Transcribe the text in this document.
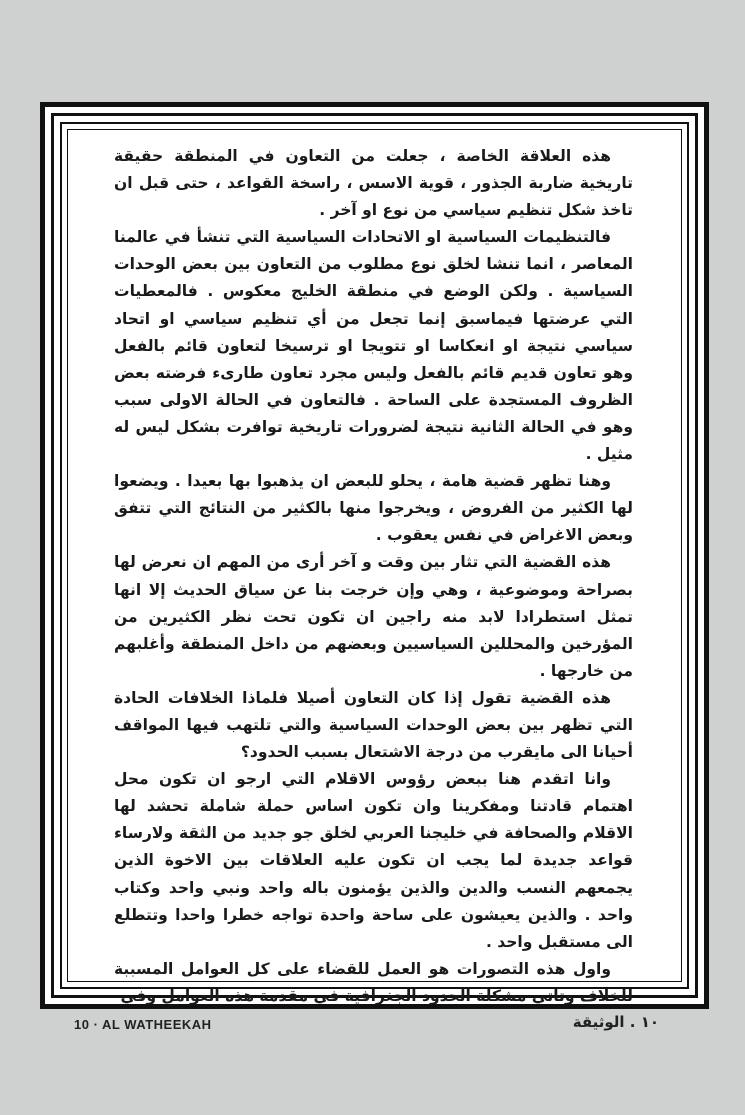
هذه العلاقة الخاصة ، جعلت من التعاون في المنطقة حقيقة تاريخية ضاربة الجذور ، قوية الاسس ، راسخة القواعد ، حتى قبل ان تاخذ شكل تنظيم سياسي من نوع او آخر .

فالتنظيمات السياسية او الاتحادات السياسية التي تنشأ في عالمنا المعاصر ، انما تنشا لخلق نوع مطلوب من التعاون بين بعض الوحدات السياسية . ولكن الوضع في منطقة الخليج معكوس . فالمعطيات التي عرضتها فيماسبق إنما تجعل من أي تنظيم سياسي او اتحاد سياسي نتيجة او انعكاسا او تتويجا او ترسيخا لتعاون قائم بالفعل وهو تعاون قديم قائم بالفعل وليس مجرد تعاون طارىء فرضته بعض الظروف المستجدة على الساحة . فالتعاون في الحالة الاولى سبب وهو في الحالة الثانية نتيجة لضرورات تاريخية توافرت بشكل ليس له مثيل .

وهنا تظهر قضية هامة ، يحلو للبعض ان يذهبوا بها بعيدا . ويضعوا لها الكثير من الفروض ، ويخرجوا منها بالكثير من النتائج التي تتفق وبعض الاغراض في نفس يعقوب .

هذه القضية التي تثار بين وقت و آخر أرى من المهم ان نعرض لها بصراحة وموضوعية ، وهي وإن خرجت بنا عن سياق الحديث إلا انها تمثل استطرادا لابد منه راجين ان تكون تحت نظر الكثيرين من المؤرخين والمحللين السياسيين وبعضهم من داخل المنطقة وأغلبهم من خارجها .

هذه القضية تقول إذا كان التعاون أصيلا فلماذا الخلافات الحادة التي تظهر بين بعض الوحدات السياسية والتي تلتهب فيها المواقف أحيانا الى مايقرب من درجة الاشتعال بسبب الحدود؟

وانا اتقدم هنا ببعض رؤوس الاقلام التي ارجو ان تكون محل اهتمام قادتنا ومفكرينا وان تكون اساس حملة شاملة تحشد لها الاقلام والصحافة في خليجنا العربي لخلق جو جديد من الثقة ولارساء قواعد جديدة لما يجب ان تكون عليه العلاقات بين الاخوة الذين يجمعهم النسب والدين والذين يؤمنون باله واحد ونبي واحد وكتاب واحد . والذين يعيشون على ساحة واحدة تواجه خطرا واحدا وتتطلع الى مستقبل واحد .

واول هذه التصورات هو العمل للقضاء على كل العوامل المسببة للخلاف وتاتي مشكلة الحدود الجغرافية في مقدمة هذه العوامل وفي

10 · AL WATHEEKAH	١٠ . الوثيقة
